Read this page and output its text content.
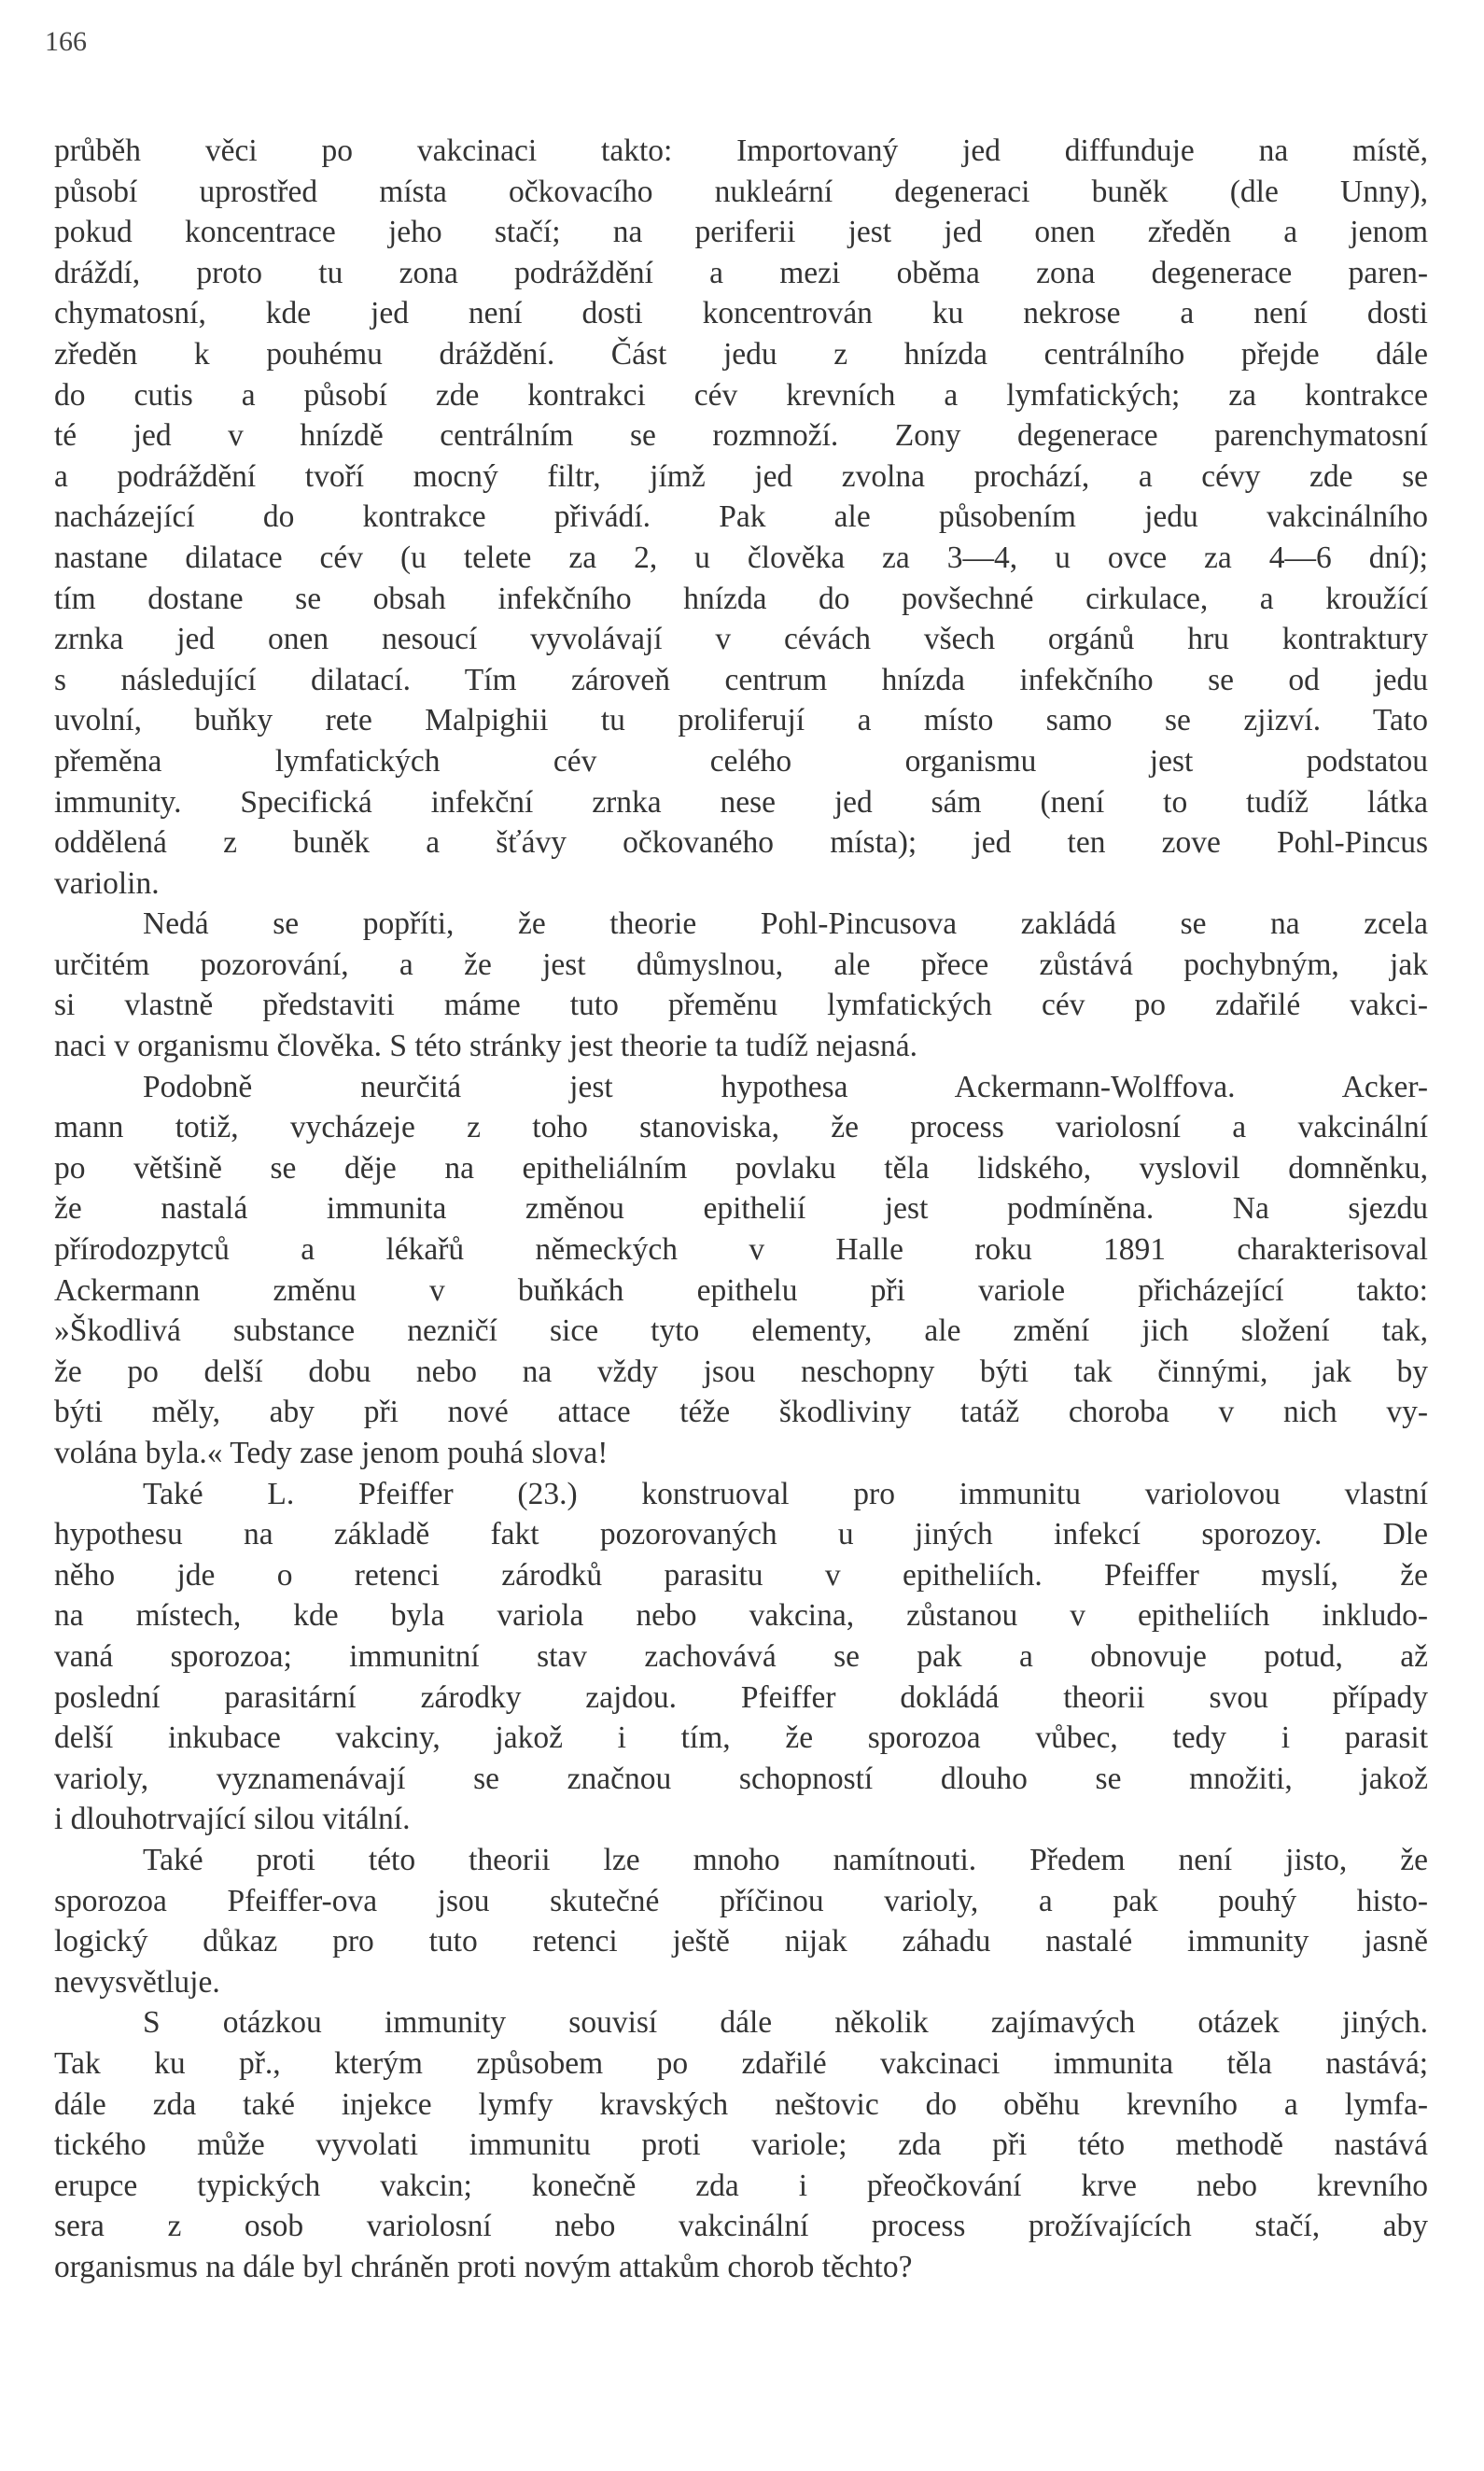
166
průběh věci po vakcinaci takto: Importovaný jed diffunduje na místě,
působí uprostřed místa očkovacího nukleární degeneraci buněk (dle Unny),
pokud koncentrace jeho stačí; na periferii jest jed onen zředěn a jenom
dráždí, proto tu zona podráždění a mezi oběma zona degenerace paren-
chymatosní, kde jed není dosti koncentrován ku nekrose a není dosti
zředěn k pouhému dráždění. Část jedu z hnízda centrálního přejde dále
do cutis a působí zde kontrakci cév krevních a lymfatických; za kontrakce
té jed v hnízdě centrálním se rozmnoží. Zony degenerace parenchymatosní
a podráždění tvoří mocný filtr, jímž jed zvolna prochází, a cévy zde se
nacházející do kontrakce přivádí. Pak ale působením jedu vakcinálního
nastane dilatace cév (u telete za 2, u člověka za 3—4, u ovce za 4—6 dní);
tím dostane se obsah infekčního hnízda do povšechné cirkulace, a kroužící
zrnka jed onen nesoucí vyvolávají v cévách všech orgánů hru kontraktury
s následující dilatací. Tím zároveň centrum hnízda infekčního se od jedu
uvolní, buňky rete Malpighii tu proliferují a místo samo se zjizví. Tato
přeměna lymfatických cév celého organismu jest podstatou
immunity. Specifická infekční zrnka nese jed sám (není to tudíž látka
oddělená z buněk a šťávy očkovaného místa); jed ten zove Pohl-Pincus
variolin.
Nedá se popříti, že theorie Pohl-Pincusova zakládá se na zcela
určitém pozorování, a že jest důmyslnou, ale přece zůstává pochybným, jak
si vlastně představiti máme tuto přeměnu lymfatických cév po zdařilé vakci-
naci v organismu člověka. S této stránky jest theorie ta tudíž nejasná.
Podobně neurčitá jest hypothesa Ackermann-Wolffova. Acker-
mann totiž, vycházeje z toho stanoviska, že process variolosní a vakcinální
po většině se děje na epitheliálním povlaku těla lidského, vyslovil domněnku,
že nastalá immunita změnou epithelií jest podmíněna. Na sjezdu
přírodozpytců a lékařů německých v Halle roku 1891 charakterisoval
Ackermann změnu v buňkách epithelu při variole přicházející takto:
»Škodlivá substance nezničí sice tyto elementy, ale změní jich složení tak,
že po delší dobu nebo na vždy jsou neschopny býti tak činnými, jak by
býti měly, aby při nové attace téže škodliviny tatáž choroba v nich vy-
volána byla.« Tedy zase jenom pouhá slova!
Také L. Pfeiffer (23.) konstruoval pro immunitu variolovou vlastní
hypothesu na základě fakt pozorovaných u jiných infekcí sporozoy. Dle
něho jde o retenci zárodků parasitu v epitheliích. Pfeiffer myslí, že
na místech, kde byla variola nebo vakcina, zůstanou v epitheliích inkludo-
vaná sporozoa; immunitní stav zachovává se pak a obnovuje potud, až
poslední parasitární zárodky zajdou. Pfeiffer dokládá theorii svou případy
delší inkubace vakciny, jakož i tím, že sporozoa vůbec, tedy i parasit
varioly, vyznamenávají se značnou schopností dlouho se množiti, jakož
i dlouhotrvající silou vitální.
Také proti této theorii lze mnoho namítnouti. Předem není jisto, že
sporozoa Pfeiffer-ova jsou skutečné příčinou varioly, a pak pouhý histo-
logický důkaz pro tuto retenci ještě nijak záhadu nastalé immunity jasně
nevysvětluje.
S otázkou immunity souvisí dále několik zajímavých otázek jiných.
Tak ku př., kterým způsobem po zdařilé vakcinaci immunita těla nastává;
dále zda také injekce lymfy kravských neštovic do oběhu krevního a lymfa-
tického může vyvolati immunitu proti variole; zda při této methodě nastává
erupce typických vakcin; konečně zda i přeočkování krve nebo krevního
sera z osob variolosní nebo vakcinální process prožívajících stačí, aby
organismus na dále byl chráněn proti novým attakům chorob těchto?
